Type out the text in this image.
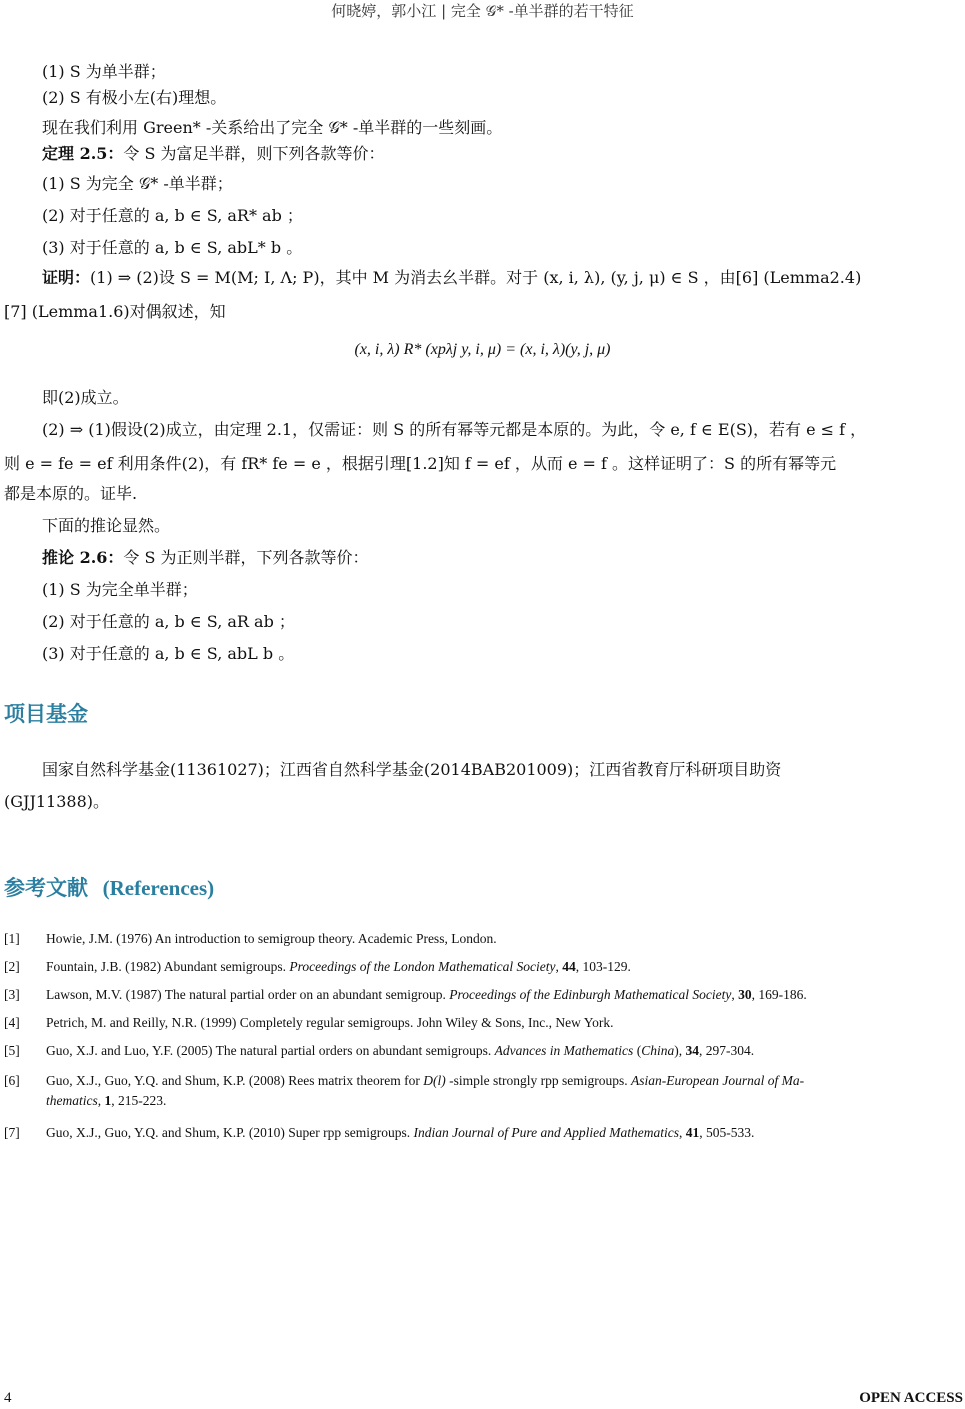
何晓婷，郭小江 | 完全 𝒢* -单半群的若干特征
(1) S 为单半群；
(2) S 有极小左(右)理想。
现在我们利用 Green* -关系给出了完全 𝒢* -单半群的一些刻画。
定理 2.5：令 S 为富足半群，则下列各款等价：
(1) S 为完全 𝒢* -单半群；
(2) 对于任意的 a, b ∈ S, aR* ab ；
(3) 对于任意的 a, b ∈ S, abL* b 。
证明：(1) ⇒ (2)设 S = M(M; I, Λ; P)，其中 M 为消去幺半群。对于 (x, i, λ), (y, j, μ) ∈ S ，由[6] (Lemma2.4)
[7] (Lemma1.6)对偶叙述，知
(x, i, λ) R* (xpλj y, i, μ) = (x, i, λ)(y, j, μ)
即(2)成立。
(2) ⇒ (1)假设(2)成立，由定理 2.1，仅需证：则 S 的所有幂等元都是本原的。为此，令 e, f ∈ E(S)，若有 e ≤ f ，
则 e = fe = ef 利用条件(2)，有 fR* fe = e ，根据引理[1.2]知 f = ef ，从而 e = f 。这样证明了：S 的所有幂等元
都是本原的。证毕.
下面的推论显然。
推论 2.6：令 S 为正则半群，下列各款等价：
(1) S 为完全单半群；
(2) 对于任意的 a, b ∈ S, aR ab ；
(3) 对于任意的 a, b ∈ S, abL b 。
项目基金
国家自然科学基金(11361027)；江西省自然科学基金(2014BAB201009)；江西省教育厅科研项目助资
(GJJ11388)。
参考文献 (References)
[1] Howie, J.M. (1976) An introduction to semigroup theory. Academic Press, London.
[2] Fountain, J.B. (1982) Abundant semigroups. Proceedings of the London Mathematical Society, 44, 103-129.
[3] Lawson, M.V. (1987) The natural partial order on an abundant semigroup. Proceedings of the Edinburgh Mathematical Society, 30, 169-186.
[4] Petrich, M. and Reilly, N.R. (1999) Completely regular semigroups. John Wiley & Sons, Inc., New York.
[5] Guo, X.J. and Luo, Y.F. (2005) The natural partial orders on abundant semigroups. Advances in Mathematics (China), 34, 297-304.
[6] Guo, X.J., Guo, Y.Q. and Shum, K.P. (2008) Rees matrix theorem for D(l) -simple strongly rpp semigroups. Asian-European Journal of Ma-
thematics, 1, 215-223.
[7] Guo, X.J., Guo, Y.Q. and Shum, K.P. (2010) Super rpp semigroups. Indian Journal of Pure and Applied Mathematics, 41, 505-533.
4	OPEN ACCESS
